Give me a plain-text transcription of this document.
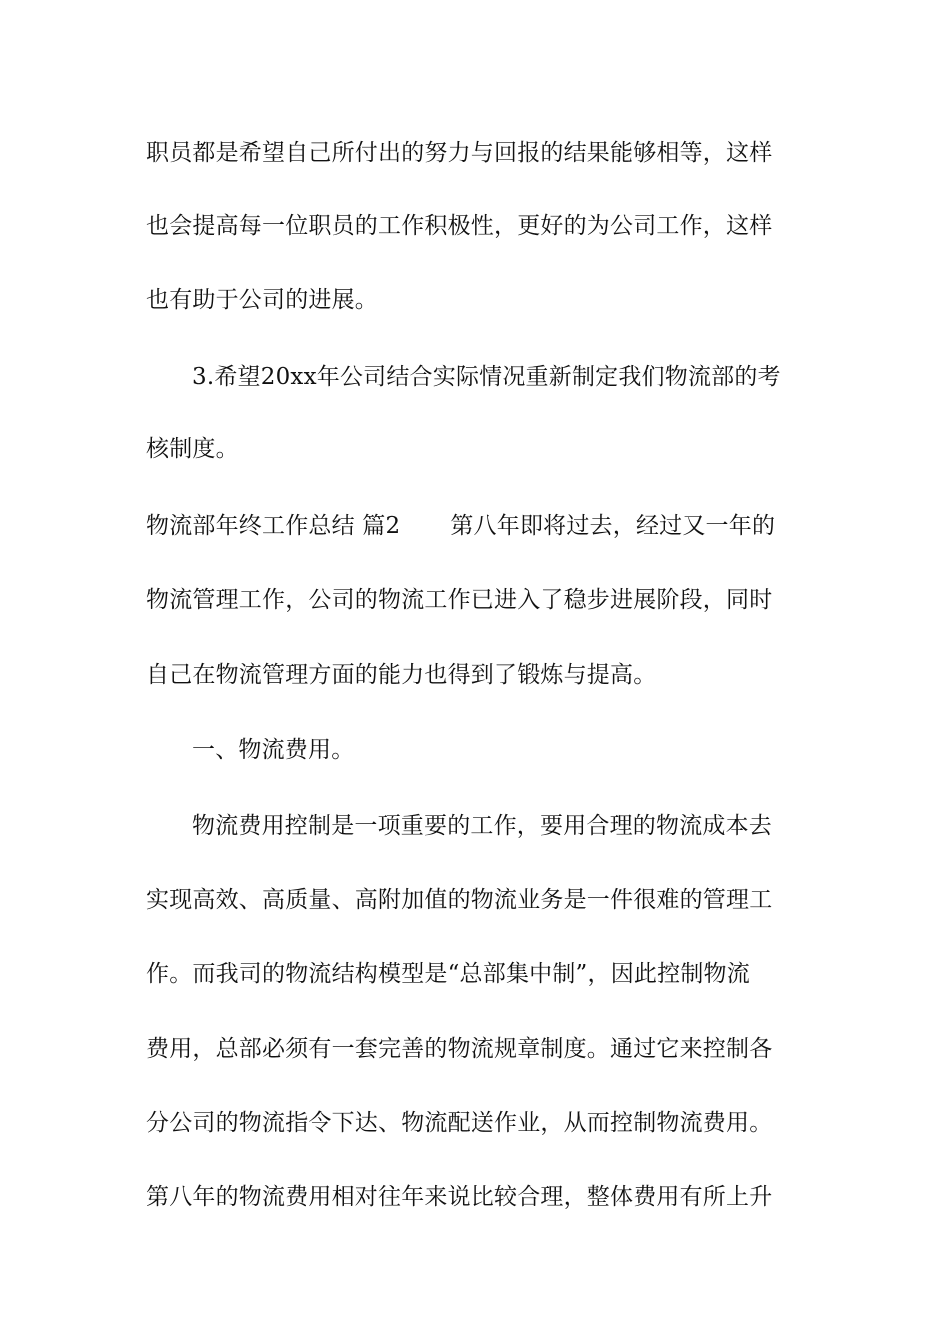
职员都是希望自己所付出的努力与回报的结果能够相等，这样
也会提高每一位职员的工作积极性，更好的为公司工作，这样
也有助于公司的进展。
3.希望20xx年公司结合实际情况重新制定我们物流部的考
核制度。
物流部年终工作总结 篇2 第八年即将过去，经过又一年的
物流管理工作，公司的物流工作已进入了稳步进展阶段，同时
自己在物流管理方面的能力也得到了锻炼与提高。
一、物流费用。
物流费用控制是一项重要的工作，要用合理的物流成本去
实现高效、高质量、高附加值的物流业务是一件很难的管理工
作。而我司的物流结构模型是“总部集中制”，因此控制物流
费用，总部必须有一套完善的物流规章制度。通过它来控制各
分公司的物流指令下达、物流配送作业，从而控制物流费用。
第八年的物流费用相对往年来说比较合理，整体费用有所上升
